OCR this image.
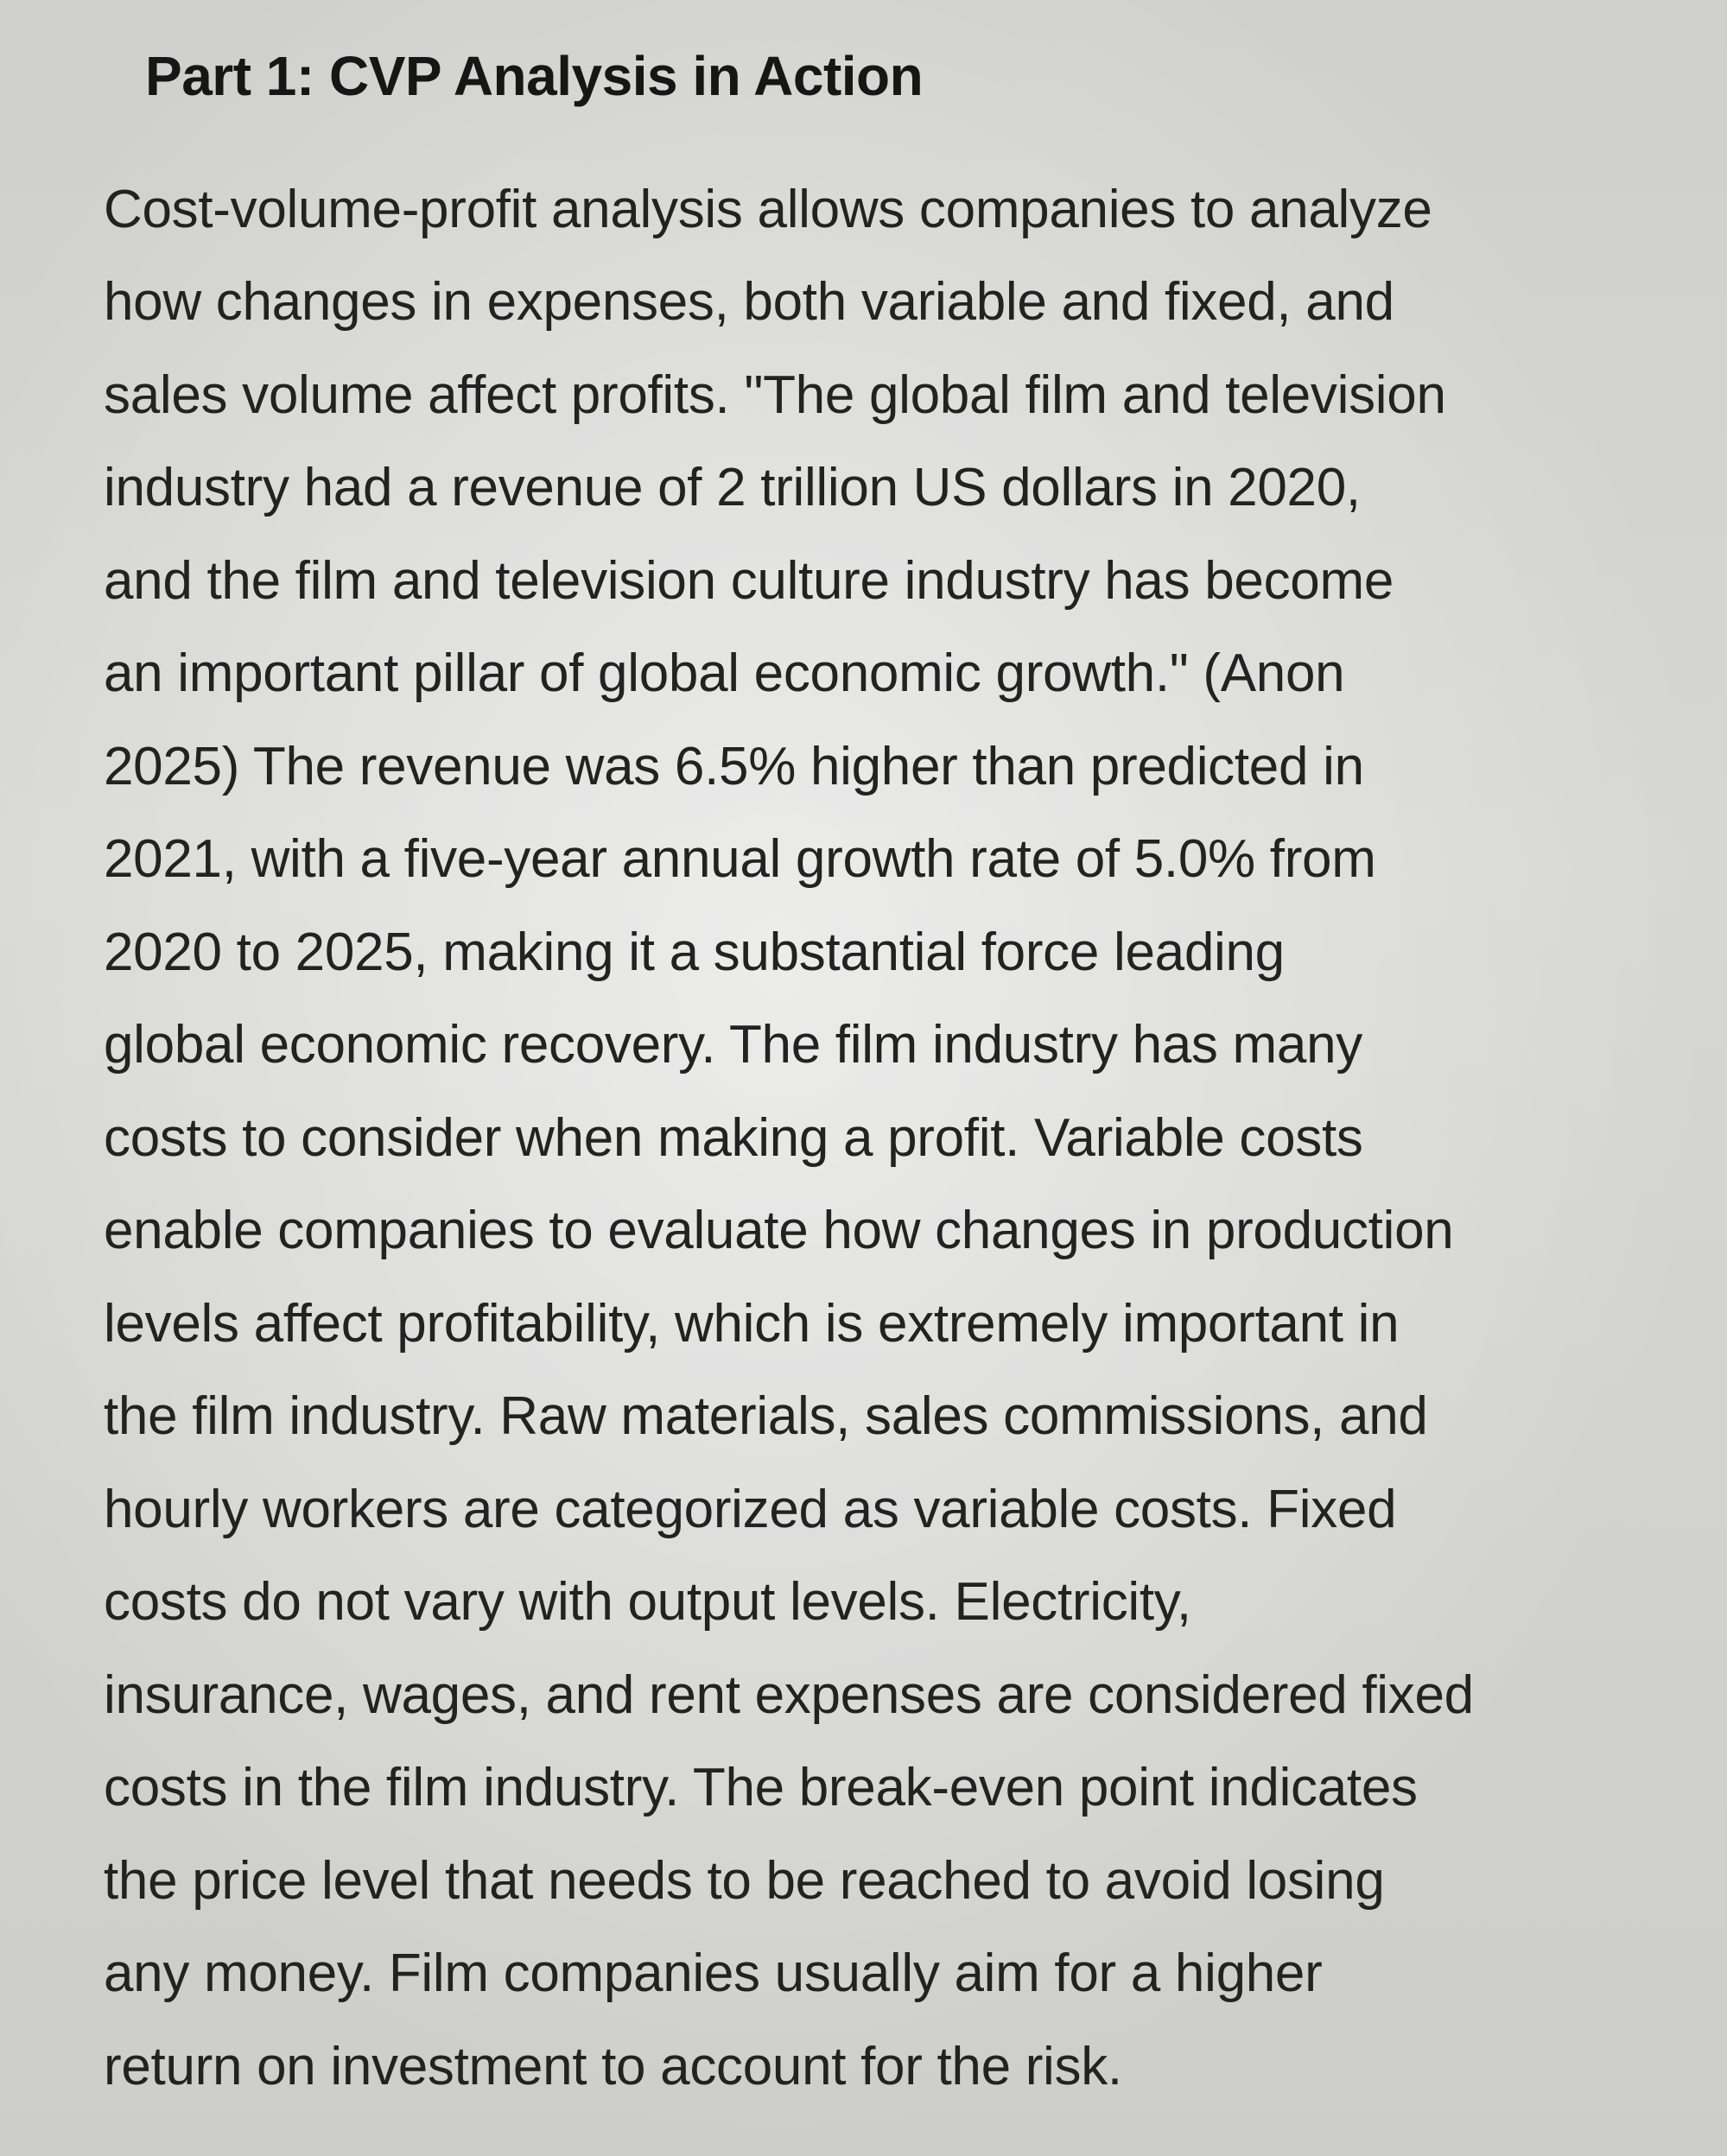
Part 1: CVP Analysis in Action

Cost-volume-profit analysis allows companies to analyze
how changes in expenses, both variable and fixed, and
sales volume affect profits. "The global film and television
industry had a revenue of 2 trillion US dollars in 2020,
and the film and television culture industry has become
an important pillar of global economic growth." (Anon
2025) The revenue was 6.5% higher than predicted in
2021, with a five-year annual growth rate of 5.0% from
2020 to 2025, making it a substantial force leading
global economic recovery. The film industry has many
costs to consider when making a profit. Variable costs
enable companies to evaluate how changes in production
levels affect profitability, which is extremely important in
the film industry. Raw materials, sales commissions, and
hourly workers are categorized as variable costs. Fixed
costs do not vary with output levels. Electricity,
insurance, wages, and rent expenses are considered fixed
costs in the film industry. The break-even point indicates
the price level that needs to be reached to avoid losing
any money. Film companies usually aim for a higher
return on investment to account for the risk.
